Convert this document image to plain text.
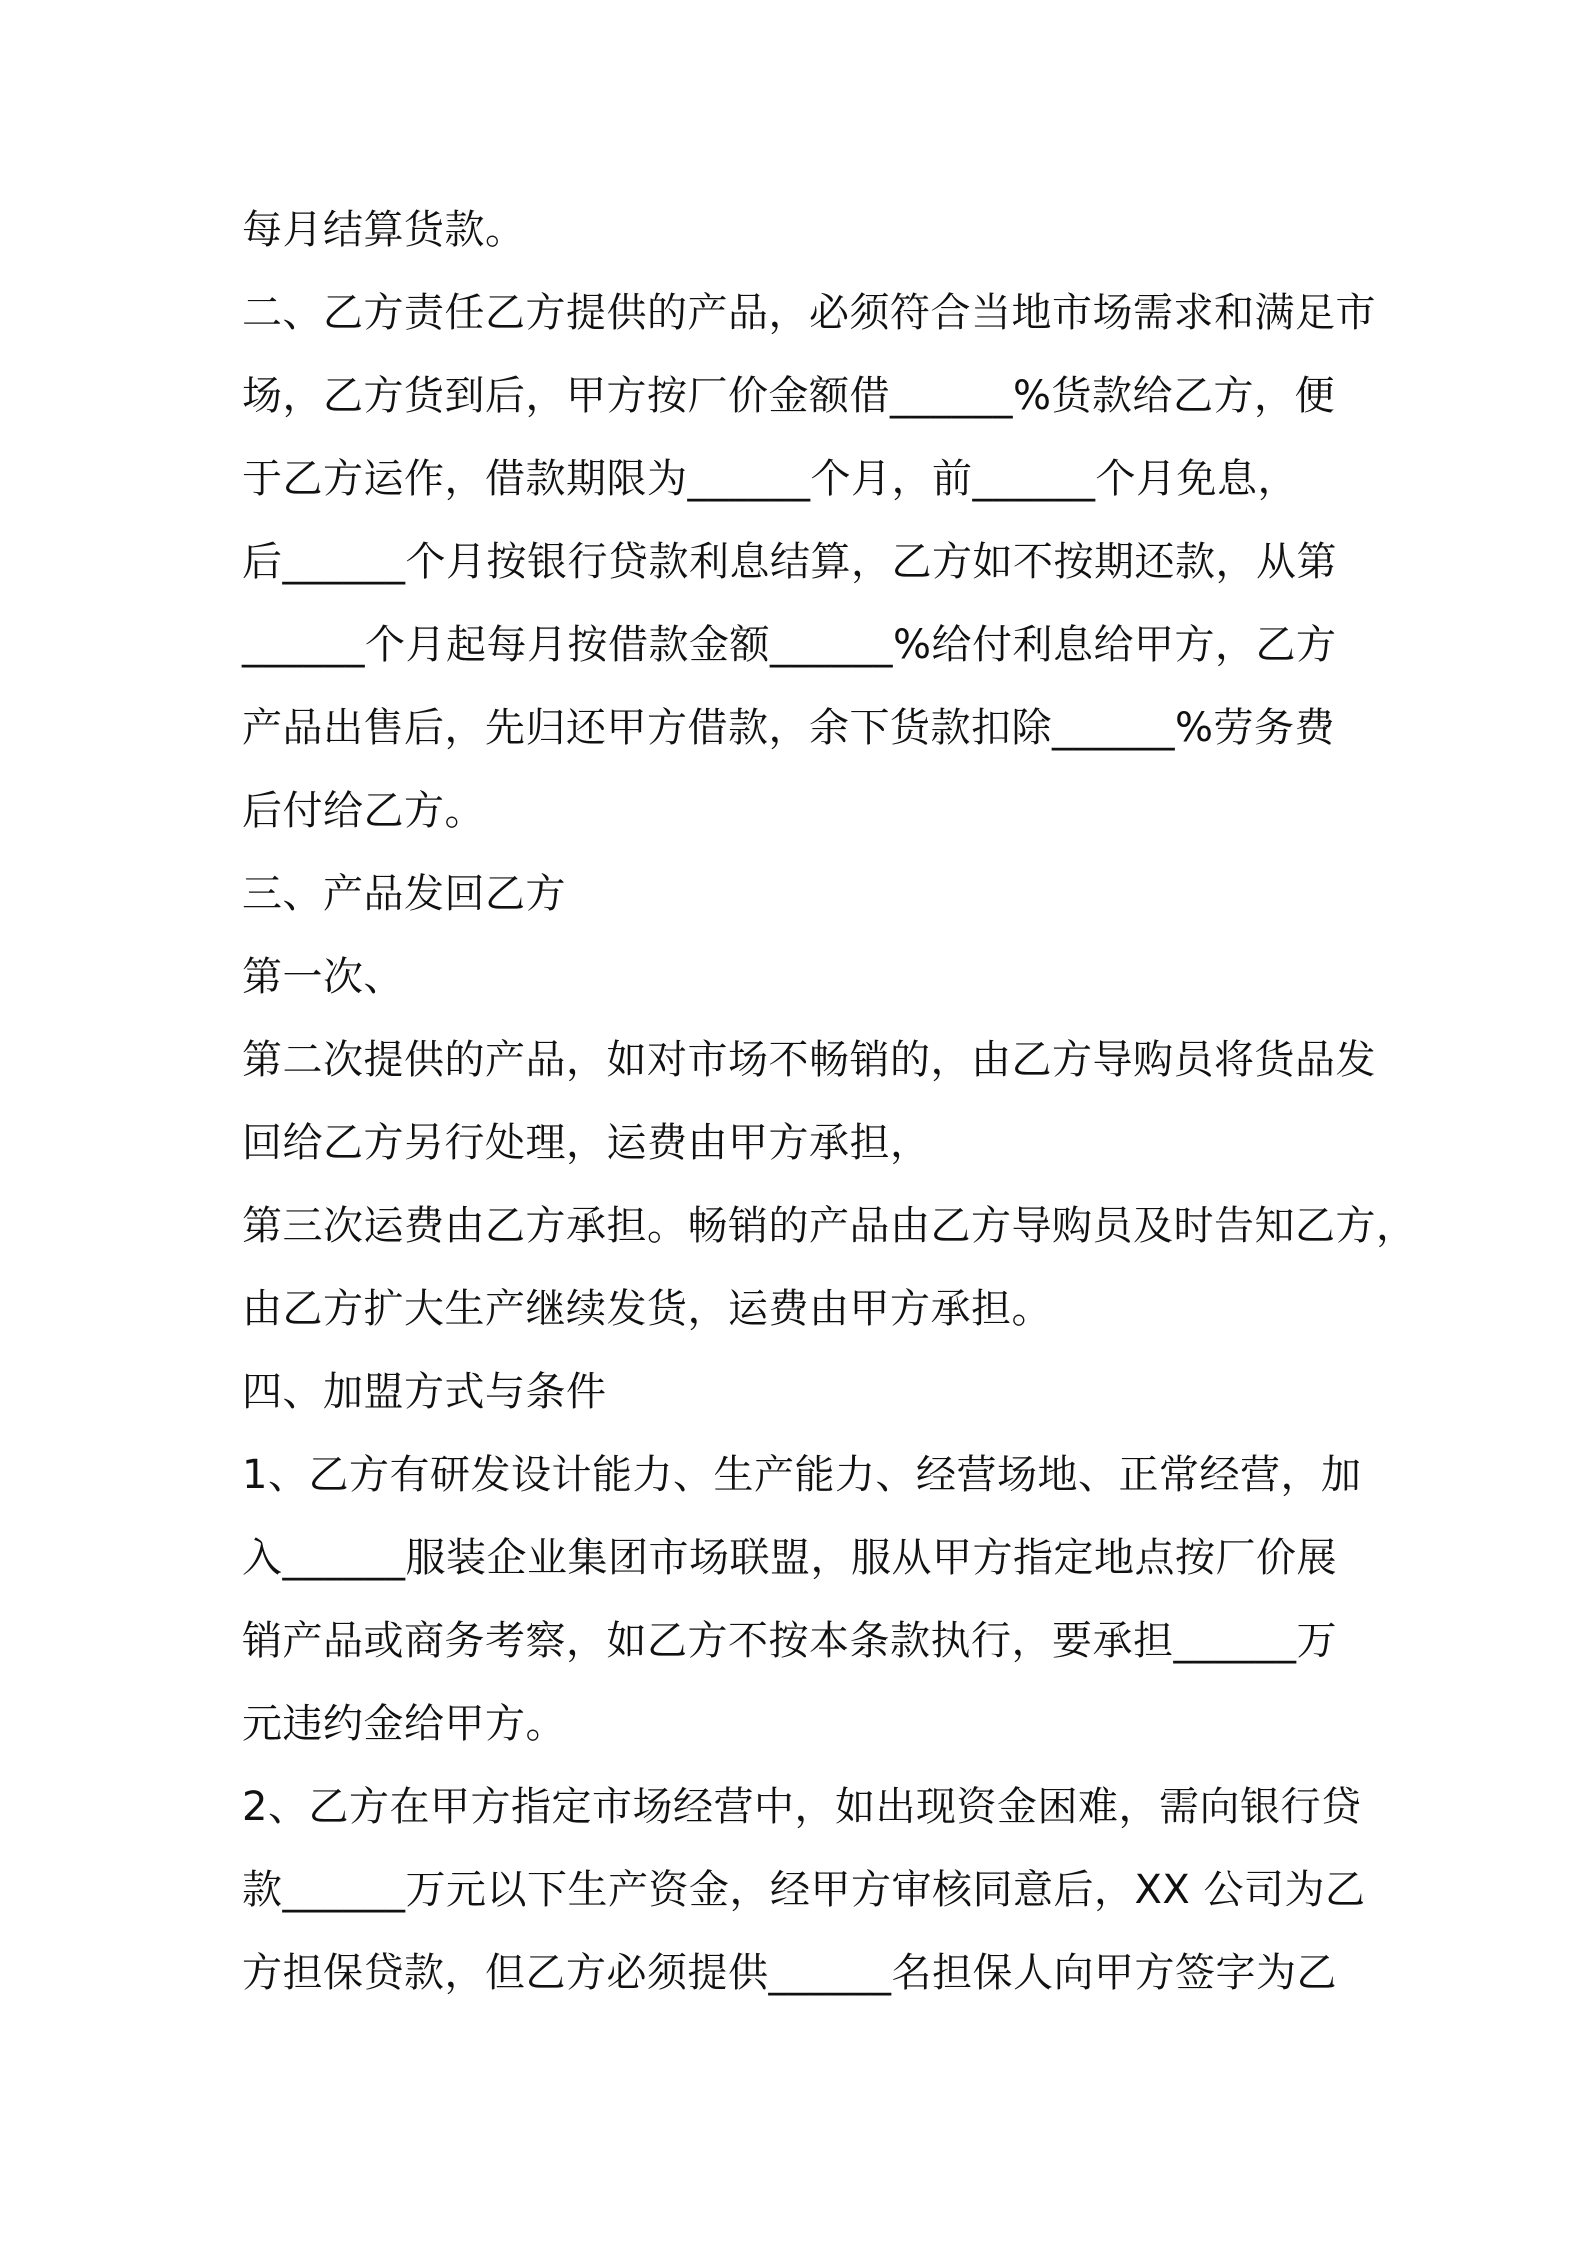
每月结算货款。
二、乙方责任乙方提供的产品，必须符合当地市场需求和满足市
场，乙方货到后，甲方按厂价金额借______%货款给乙方，便
于乙方运作，借款期限为______个月，前______个月免息，
后______个月按银行贷款利息结算，乙方如不按期还款，从第
______个月起每月按借款金额______%给付利息给甲方，乙方
产品出售后，先归还甲方借款，余下货款扣除______%劳务费
后付给乙方。
三、产品发回乙方
第一次、
第二次提供的产品，如对市场不畅销的，由乙方导购员将货品发
回给乙方另行处理，运费由甲方承担，
第三次运费由乙方承担。畅销的产品由乙方导购员及时告知乙方，
由乙方扩大生产继续发货，运费由甲方承担。
四、加盟方式与条件
1、乙方有研发设计能力、生产能力、经营场地、正常经营，加
入______服装企业集团市场联盟，服从甲方指定地点按厂价展
销产品或商务考察，如乙方不按本条款执行，要承担______万
元违约金给甲方。
2、乙方在甲方指定市场经营中，如出现资金困难，需向银行贷
款______万元以下生产资金，经甲方审核同意后，XX 公司为乙
方担保贷款，但乙方必须提供______名担保人向甲方签字为乙
